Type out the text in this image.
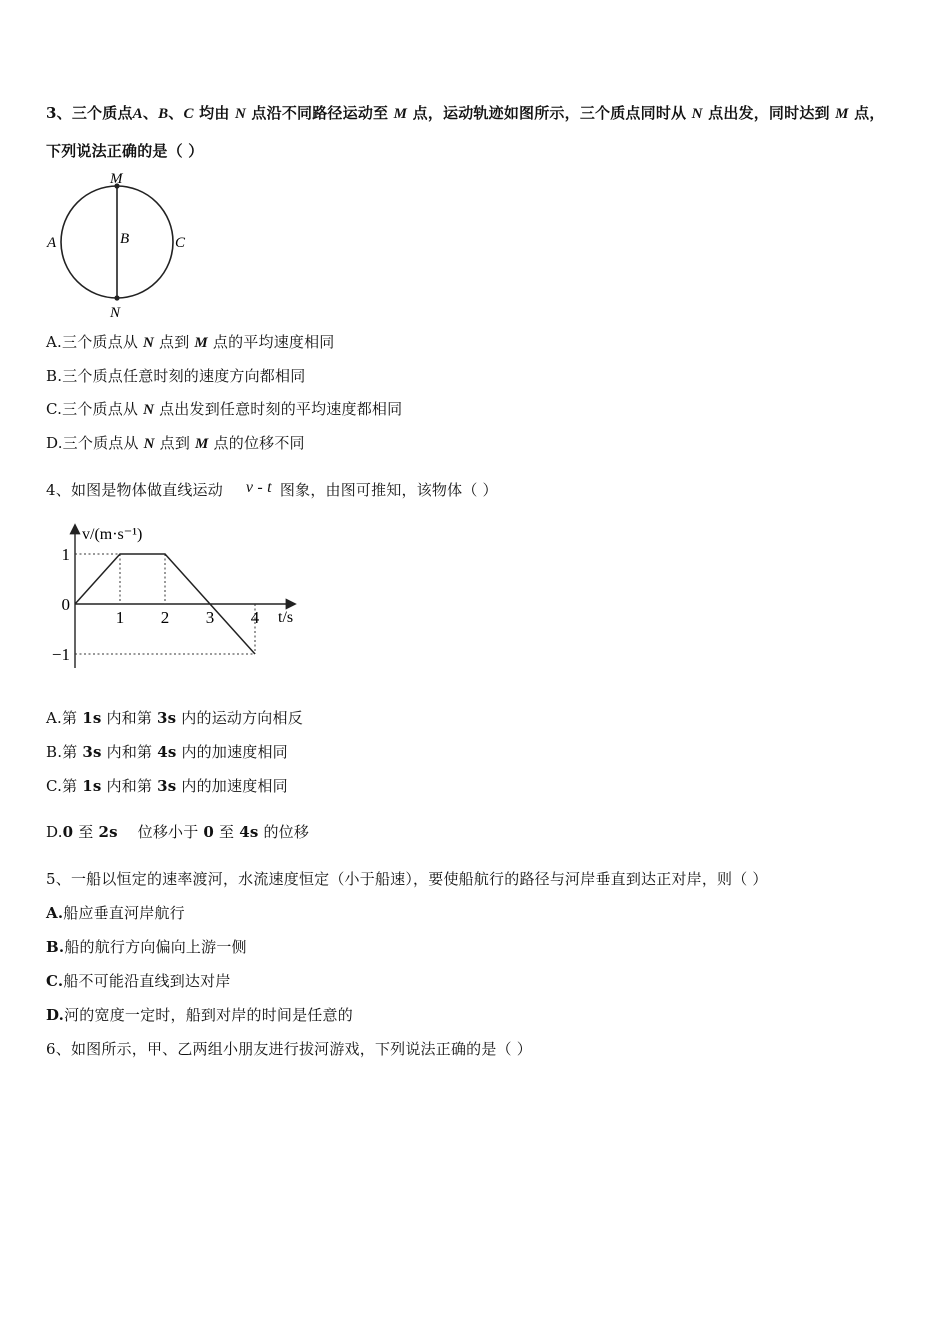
3、三个质点A、B、C 均由 N 点沿不同路径运动至 M 点，运动轨迹如图所示，三个质点同时从 N 点出发，同时达到 M 点，
下列说法正确的是（ ）
M
N
A	B	C
A.三个质点从 N 点到 M 点的平均速度相同
B.三个质点任意时刻的速度方向都相同
C.三个质点从 N 点出发到任意时刻的平均速度都相同
D.三个质点从 N 点到 M 点的位移不同
4、如图是物体做直线运动 v - t 图象，由图可推知，该物体（ ）
v/(m·s⁻¹)
t/s
1 2 3 4
1
0
−1
A.第 1s 内和第 3s 内的运动方向相反
B.第 3s 内和第 4s 内的加速度相同
C.第 1s 内和第 3s 内的加速度相同
D.0 至 2s    位移小于 0 至 4s 的位移
5、一船以恒定的速率渡河，水流速度恒定（小于船速），要使船航行的路径与河岸垂直到达正对岸，则（ ）
A.船应垂直河岸航行
B.船的航行方向偏向上游一侧
C.船不可能沿直线到达对岸
D.河的宽度一定时，船到对岸的时间是任意的
6、如图所示，甲、乙两组小朋友进行拔河游戏，下列说法正确的是（ ）
